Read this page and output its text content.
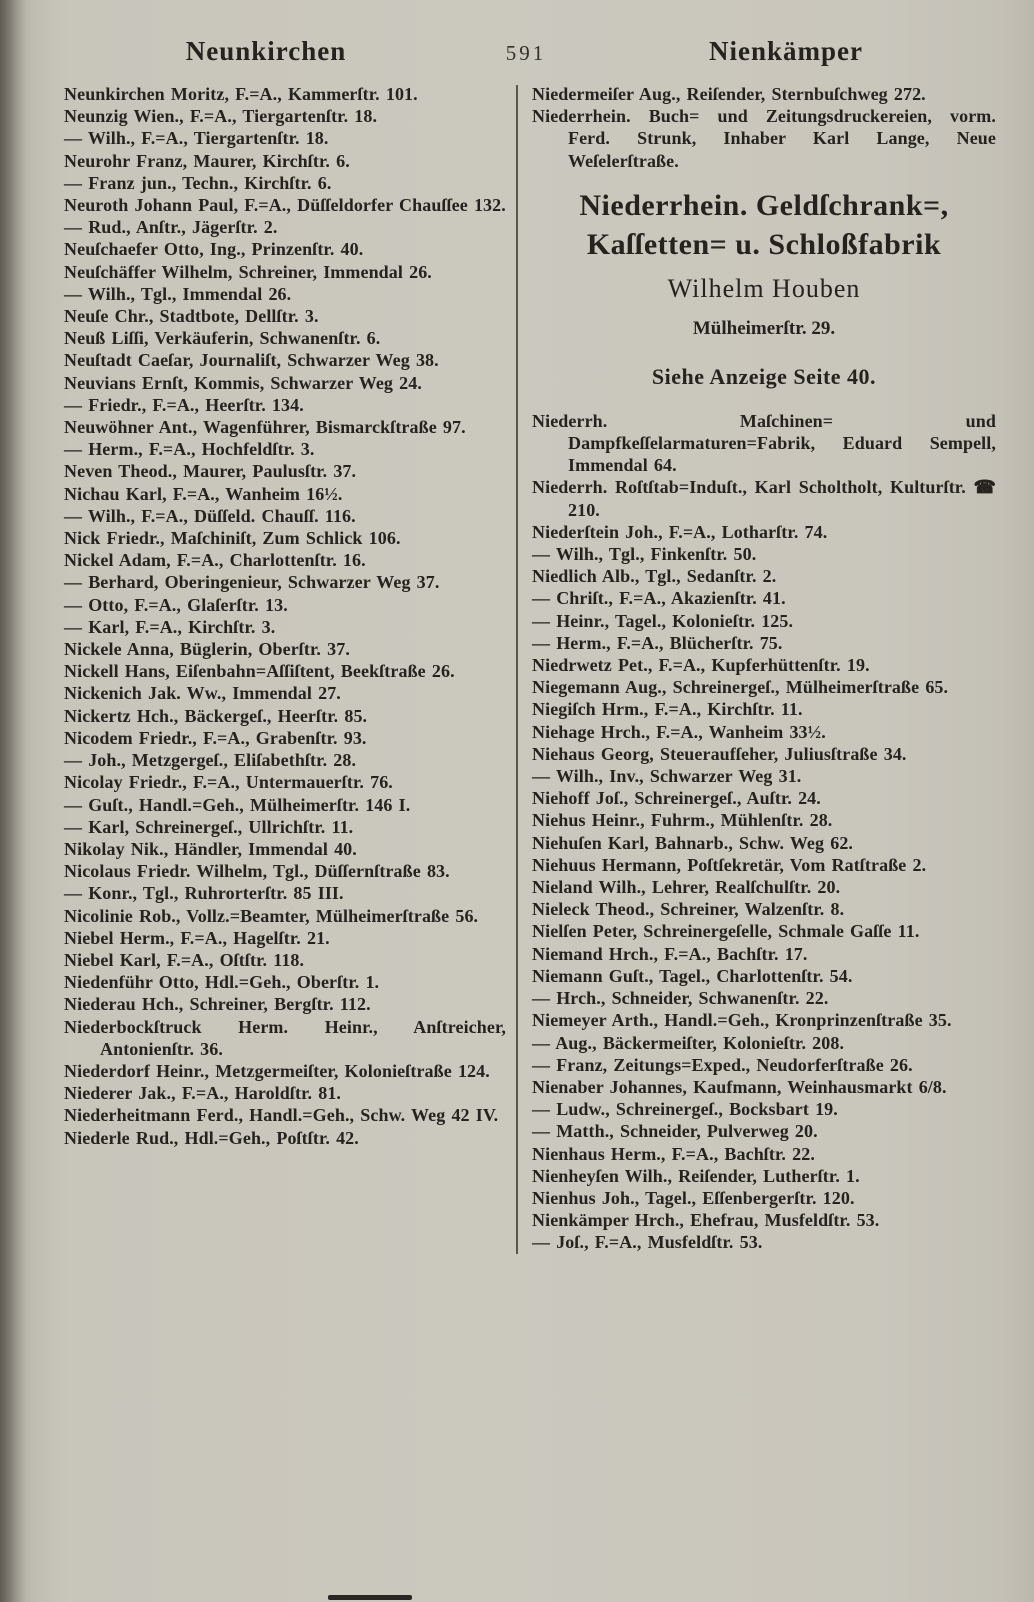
Neunkirchen	591	Nienkämper

Neunkirchen Moritz, F.=A., Kammerſtr. 101.

Neunzig Wien., F.=A., Tiergartenſtr. 18.

— Wilh., F.=A., Tiergartenſtr. 18.

Neurohr Franz, Maurer, Kirchſtr. 6.

— Franz jun., Techn., Kirchſtr. 6.

Neuroth Johann Paul, F.=A., Düſſeldorfer Chauſſee 132.

— Rud., Anſtr., Jägerſtr. 2.

Neuſchaefer Otto, Ing., Prinzenſtr. 40.

Neuſchäffer Wilhelm, Schreiner, Immendal 26.

— Wilh., Tgl., Immendal 26.

Neuſe Chr., Stadtbote, Dellſtr. 3.

Neuß Liſſi, Verkäuferin, Schwanenſtr. 6.

Neuſtadt Caeſar, Journaliſt, Schwarzer Weg 38.

Neuvians Ernſt, Kommis, Schwarzer Weg 24.

— Friedr., F.=A., Heerſtr. 134.

Neuwöhner Ant., Wagenführer, Bismarckſtraße 97.

— Herm., F.=A., Hochfeldſtr. 3.

Neven Theod., Maurer, Paulusſtr. 37.

Nichau Karl, F.=A., Wanheim 16½.

— Wilh., F.=A., Düſſeld. Chauſſ. 116.

Nick Friedr., Maſchiniſt, Zum Schlick 106.

Nickel Adam, F.=A., Charlottenſtr. 16.

— Berhard, Oberingenieur, Schwarzer Weg 37.

— Otto, F.=A., Glaſerſtr. 13.

— Karl, F.=A., Kirchſtr. 3.

Nickele Anna, Büglerin, Oberſtr. 37.

Nickell Hans, Eiſenbahn=Aſſiſtent, Beekſtraße 26.

Nickenich Jak. Ww., Immendal 27.

Nickertz Hch., Bäckergeſ., Heerſtr. 85.

Nicodem Friedr., F.=A., Grabenſtr. 93.

— Joh., Metzgergeſ., Eliſabethſtr. 28.

Nicolay Friedr., F.=A., Untermauerſtr. 76.

— Guſt., Handl.=Geh., Mülheimerſtr. 146 I.

— Karl, Schreinergeſ., Ullrichſtr. 11.

Nikolay Nik., Händler, Immendal 40.

Nicolaus Friedr. Wilhelm, Tgl., Düſſernſtraße 83.

— Konr., Tgl., Ruhrorterſtr. 85 III.

Nicolinie Rob., Vollz.=Beamter, Mülheimerſtraße 56.

Niebel Herm., F.=A., Hagelſtr. 21.

Niebel Karl, F.=A., Oſtſtr. 118.

Niedenführ Otto, Hdl.=Geh., Oberſtr. 1.

Niederau Hch., Schreiner, Bergſtr. 112.

Niederbockſtruck Herm. Heinr., Anſtreicher, Antonienſtr. 36.

Niederdorf Heinr., Metzgermeiſter, Kolonieſtraße 124.

Niederer Jak., F.=A., Haroldſtr. 81.

Niederheitmann Ferd., Handl.=Geh., Schw. Weg 42 IV.

Niederle Rud., Hdl.=Geh., Poſtſtr. 42.

Niedermeiſer Aug., Reiſender, Sternbuſchweg 272.

Niederrhein. Buch= und Zeitungsdruckereien, vorm. Ferd. Strunk, Inhaber Karl Lange, Neue Weſelerſtraße.

Niederrhein. Geldſchrank=,
Kaſſetten= u. Schloßfabrik
Wilhelm Houben
Mülheimerſtr. 29.
Siehe Anzeige Seite 40.

Niederrh. Maſchinen= und Dampfkeſſelarmaturen=Fabrik, Eduard Sempell, Immendal 64.

Niederrh. Roſtſtab=Induſt., Karl Scholtholt, Kulturſtr. ☎ 210.

Niederſtein Joh., F.=A., Lotharſtr. 74.

— Wilh., Tgl., Finkenſtr. 50.

Niedlich Alb., Tgl., Sedanſtr. 2.

— Chriſt., F.=A., Akazienſtr. 41.

— Heinr., Tagel., Kolonieſtr. 125.

— Herm., F.=A., Blücherſtr. 75.

Niedrwetz Pet., F.=A., Kupferhüttenſtr. 19.

Niegemann Aug., Schreinergeſ., Mülheimerſtraße 65.

Niegiſch Hrm., F.=A., Kirchſtr. 11.

Niehage Hrch., F.=A., Wanheim 33½.

Niehaus Georg, Steueraufſeher, Juliusſtraße 34.

— Wilh., Inv., Schwarzer Weg 31.

Niehoff Joſ., Schreinergeſ., Auſtr. 24.

Niehus Heinr., Fuhrm., Mühlenſtr. 28.

Niehuſen Karl, Bahnarb., Schw. Weg 62.

Niehuus Hermann, Poſtſekretär, Vom Ratſtraße 2.

Nieland Wilh., Lehrer, Realſchulſtr. 20.

Nieleck Theod., Schreiner, Walzenſtr. 8.

Nielſen Peter, Schreinergeſelle, Schmale Gaſſe 11.

Niemand Hrch., F.=A., Bachſtr. 17.

Niemann Guſt., Tagel., Charlottenſtr. 54.

— Hrch., Schneider, Schwanenſtr. 22.

Niemeyer Arth., Handl.=Geh., Kronprinzenſtraße 35.

— Aug., Bäckermeiſter, Kolonieſtr. 208.

— Franz, Zeitungs=Exped., Neudorferſtraße 26.

Nienaber Johannes, Kaufmann, Weinhausmarkt 6/8.

— Ludw., Schreinergeſ., Bocksbart 19.

— Matth., Schneider, Pulverweg 20.

Nienhaus Herm., F.=A., Bachſtr. 22.

Nienheyſen Wilh., Reiſender, Lutherſtr. 1.

Nienhus Joh., Tagel., Eſſenbergerſtr. 120.

Nienkämper Hrch., Ehefrau, Musfeldſtr. 53.

— Joſ., F.=A., Musfeldſtr. 53.
